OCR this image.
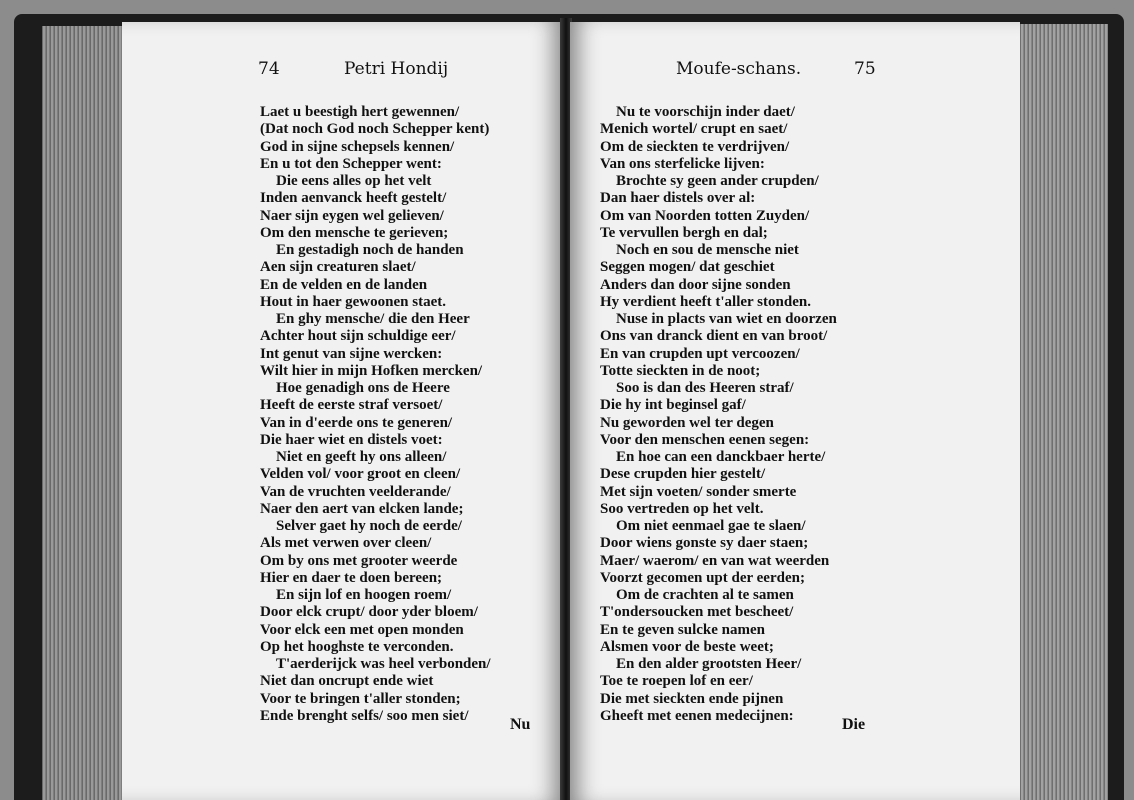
74	Petri Hondij
Laet u beestigh hert gewennen/
(Dat noch God noch Schepper kent)
God in sijne schepsels kennen/
En u tot den Schepper went:
Die eens alles op het velt
Inden aenvanck heeft gestelt/
Naer sijn eygen wel gelieven/
Om den mensche te gerieven;
En gestadigh noch de handen
Aen sijn creaturen slaet/
En de velden en de landen
Hout in haer gewoonen staet.
En ghy mensche/ die den Heer
Achter hout sijn schuldige eer/
Int genut van sijne wercken:
Wilt hier in mijn Hofken mercken/
Hoe genadigh ons de Heere
Heeft de eerste straf versoet/
Van in d'eerde ons te generen/
Die haer wiet en distels voet:
Niet en geeft hy ons alleen/
Velden vol/ voor groot en cleen/
Van de vruchten veelderande/
Naer den aert van elcken lande;
Selver gaet hy noch de eerde/
Als met verwen over cleen/
Om by ons met grooter weerde
Hier en daer te doen bereen;
En sijn lof en hoogen roem/
Door elck crupt/ door yder bloem/
Voor elck een met open monden
Op het hooghste te verconden.
T'aerderijck was heel verbonden/
Niet dan oncrupt ende wiet
Voor te bringen t'aller stonden;
Ende brenght selfs/ soo men siet/
Nu
Moufe-schans.	75
Nu te voorschijn inder daet/
Menich wortel/ crupt en saet/
Om de sieckten te verdrijven/
Van ons sterfelicke lijven:
Brochte sy geen ander crupden/
Dan haer distels over al:
Om van Noorden totten Zuyden/
Te vervullen bergh en dal;
Noch en sou de mensche niet
Seggen mogen/ dat geschiet
Anders dan door sijne sonden
Hy verdient heeft t'aller stonden.
Nuse in placts van wiet en doorzen
Ons van dranck dient en van broot/
En van crupden upt vercoozen/
Totte sieckten in de noot;
Soo is dan des Heeren straf/
Die hy int beginsel gaf/
Nu geworden wel ter degen
Voor den menschen eenen segen:
En hoe can een danckbaer herte/
Dese crupden hier gestelt/
Met sijn voeten/ sonder smerte
Soo vertreden op het velt.
Om niet eenmael gae te slaen/
Door wiens gonste sy daer staen;
Maer/ waerom/ en van wat weerden
Voorzt gecomen upt der eerden;
Om de crachten al te samen
T'ondersoucken met bescheet/
En te geven sulcke namen
Alsmen voor de beste weet;
En den alder grootsten Heer/
Toe te roepen lof en eer/
Die met sieckten ende pijnen
Gheeft met eenen medecijnen:
Die
